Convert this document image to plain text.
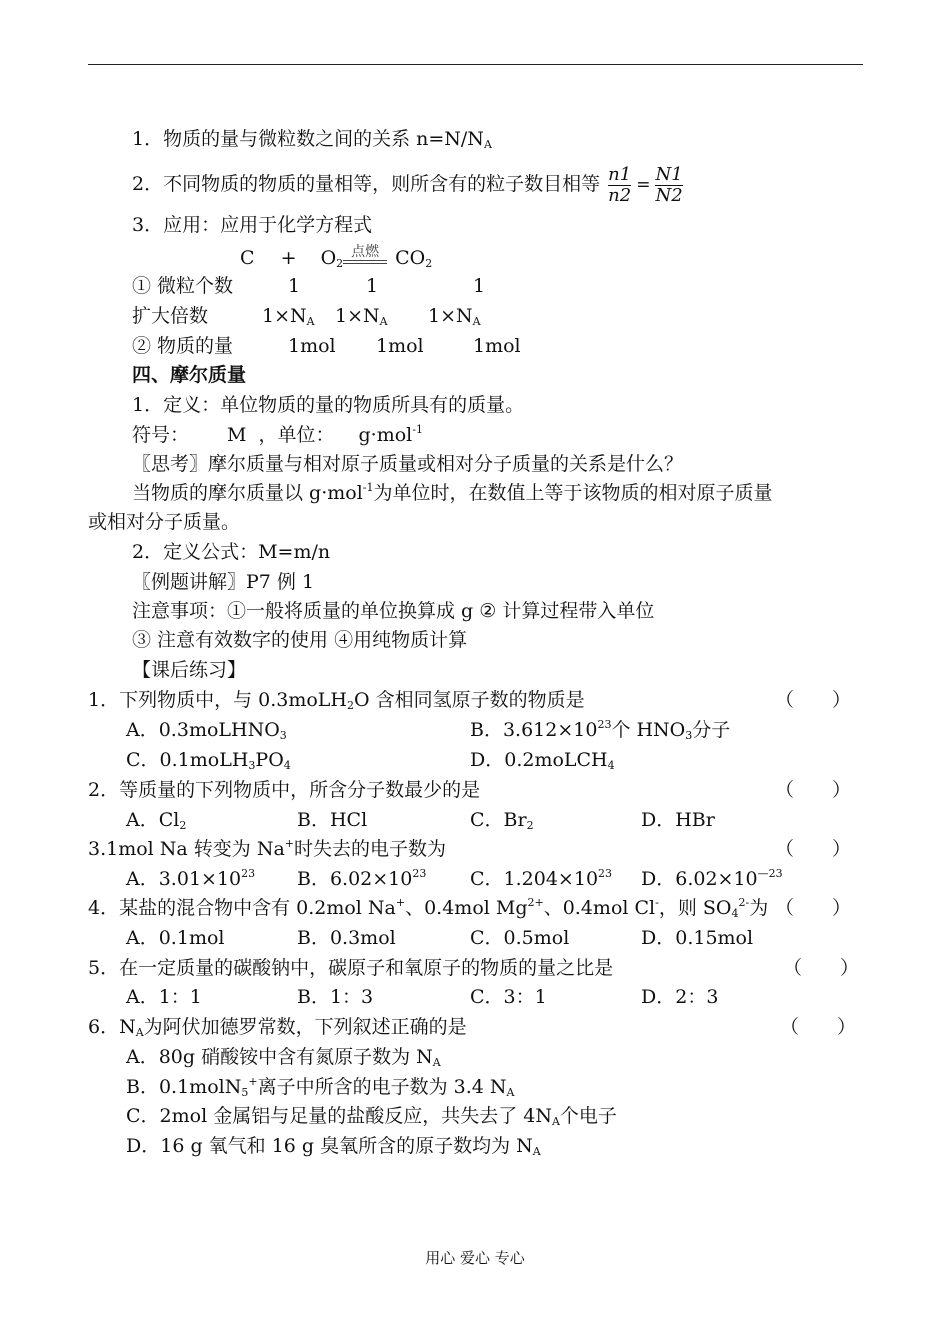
1．物质的量与微粒数之间的关系 $n=N/N_A$
2．不同物质的物质的量相等，则所含有的粒子数目相等 $\frac{n1}{n2} = \frac{N1}{N2}$
3．应用：应用于化学方程式
$C + O_2$
点燃 $CO_2$
① 微粒个数	1	1	1
扩大倍数	$1\times N_A$ $1\times N_A$ $1\times N_A$
② 物质的量	1mol 1mol	1mol
四、摩尔质量
1．定义：单位物质的量的物质所具有的质量。
符号： M ，单位： g·mol$^{-1}$
〖思考〗摩尔质量与相对原子质量或相对分子质量的关系是什么？
当物质的摩尔质量以 g·mol$^{-1}$为单位时，在数值上等于该物质的相对原子质量
或相对分子质量。
2．定义公式：M=m/n
〖例题讲解〗P7 例 1
注意事项：①一般将质量的单位换算成 g ② 计算过程带入单位
③ 注意有效数字的使用 ④用纯物质计算
【课后练习】
1．下列物质中，与 0.3moLH$_2$O 含相同氢原子数的物质是	（　　）
A．0.3moLHNO$_3$	B．$3.612\times 10^{23}$个 $HNO_3$分子
C．$0.1moLH_3PO_4$	D．0.2moLCH$_4$
2．等质量的下列物质中，所含分子数最少的是	（　　）
A．$Cl_2$	B．HCl	C．$Br_2$	D．HBr
3.1mol Na 转变为 Na+时失去的电子数为	（　　）
A．$3.01\times 10^{23}$ B．$6.02\times 10^{23}$ C．$1.204\times 10^{23}$ D．$6.02\times 10^{—23}$
4．某盐的混合物中含有 0.2mol Na+、0.4mol $Mg^{2+}$、0.4mol Cl-，则 $SO_4^{2-}$为 （　　）
A．0.1mol	B．0.3mol	C．0.5mol	D．0.15mol
5．在一定质量的碳酸钠中，碳原子和氧原子的物质的量之比是	（　　）
A．1：1	B．1：3	C．3：1	D．2：3
6．$N_A$为阿伏加德罗常数，下列叙述正确的是	（　　）
A．80g 硝酸铵中含有氮原子数为 $N_A$
B．0.1molN$_5$+离子中所含的电子数为 3.4 $N_A$
C．2mol 金属铝与足量的盐酸反应，共失去了 $4N_A$个电子
D．16 g 氧气和 16 g 臭氧所含的原子数均为 $N_A$
用心 爱心 专心
